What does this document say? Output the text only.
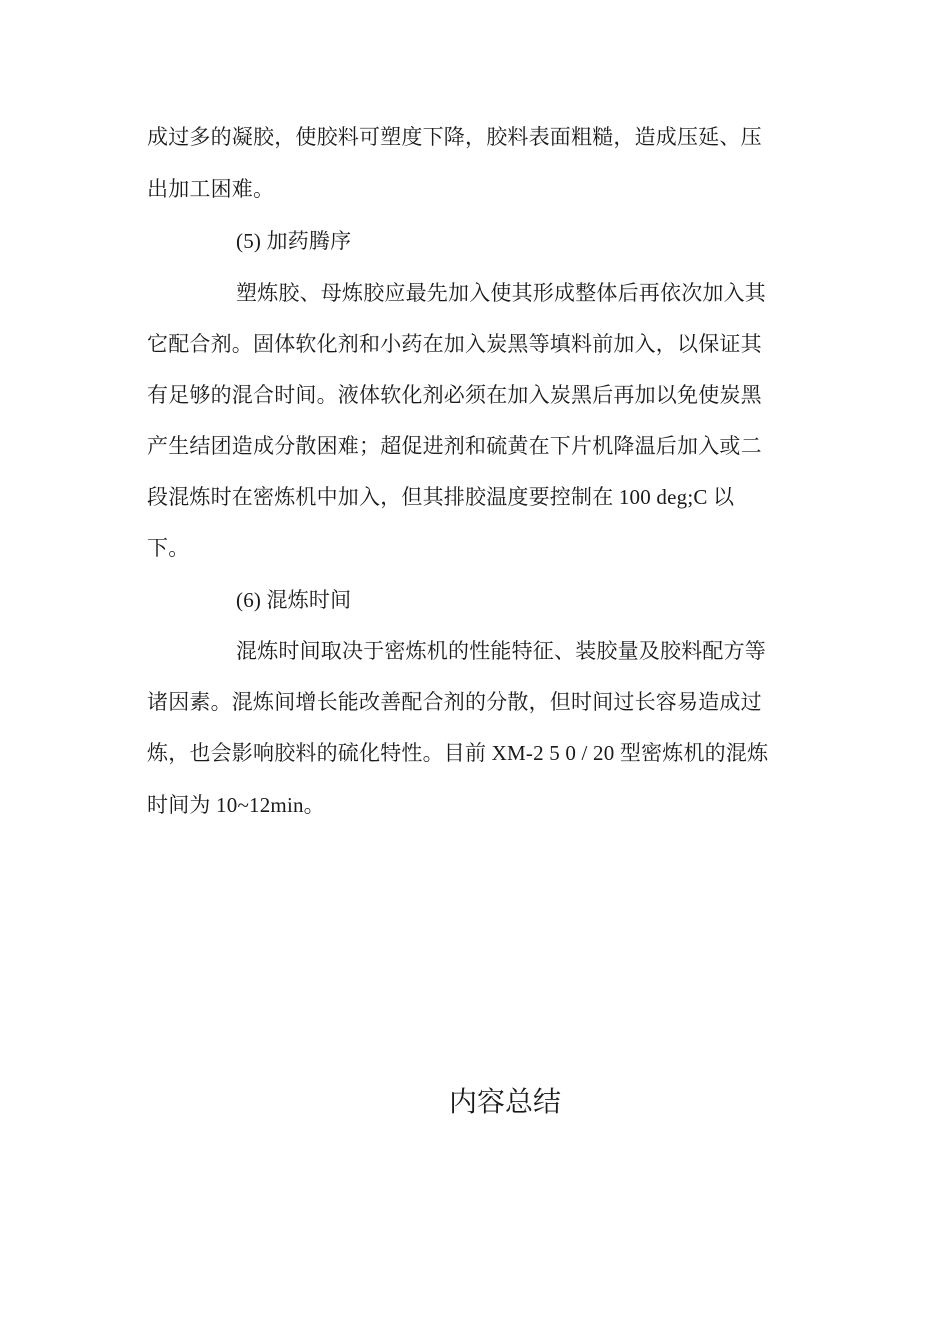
成过多的凝胶，使胶料可塑度下降，胶料表面粗糙，造成压延、压
出加工困难。
(5) 加药腾序
塑炼胶、母炼胶应最先加入使其形成整体后再依次加入其
它配合剂。固体软化剂和小药在加入炭黑等填料前加入，以保证其
有足够的混合时间。液体软化剂必须在加入炭黑后再加以免使炭黑
产生结团造成分散困难；超促进剂和硫黄在下片机降温后加入或二
段混炼时在密炼机中加入，但其排胶温度要控制在 100 deg;C 以
下。
(6) 混炼时间
混炼时间取决于密炼机的性能特征、装胶量及胶料配方等
诸因素。混炼间增长能改善配合剂的分散，但时间过长容易造成过
炼，也会影响胶料的硫化特性。目前 XM-2 5 0 / 20 型密炼机的混炼
时间为 10~12min。
内容总结
